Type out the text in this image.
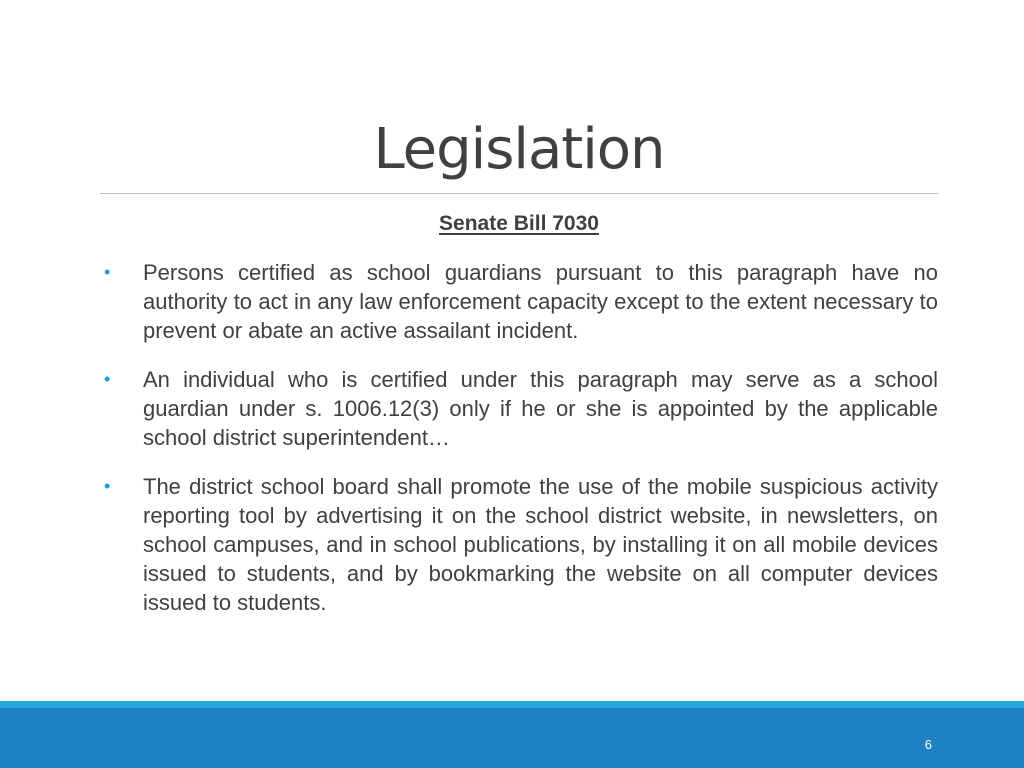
Legislation
Senate Bill 7030
• Persons certified as school guardians pursuant to this paragraph have no authority to act in any law enforcement capacity except to the extent necessary to prevent or abate an active assailant incident.
• An individual who is certified under this paragraph may serve as a school guardian under s. 1006.12(3) only if he or she is appointed by the applicable school district superintendent…
• The district school board shall promote the use of the mobile suspicious activity reporting tool by advertising it on the school district website, in newsletters, on school campuses, and in school publications, by installing it on all mobile devices issued to students, and by bookmarking the website on all computer devices issued to students.
6
